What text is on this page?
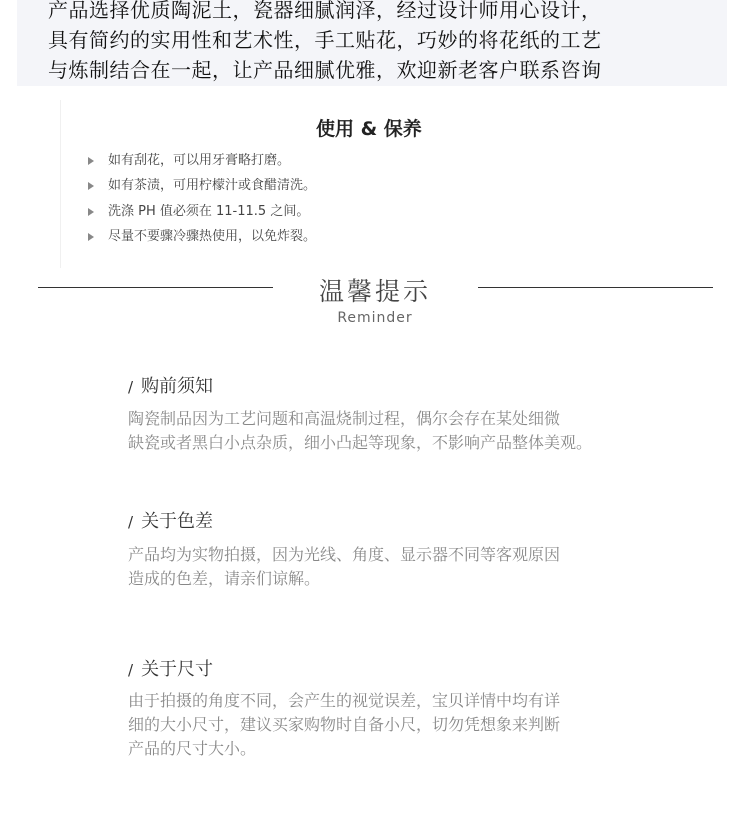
产品选择优质陶泥土，瓷器细腻润泽，经过设计师用心设计，
具有简约的实用性和艺术性，手工贴花，巧妙的将花纸的工艺
与炼制结合在一起，让产品细腻优雅，欢迎新老客户联系咨询
使用 & 保养
如有刮花，可以用牙膏略打磨。
如有茶渍，可用柠檬汁或食醋清洗。
洗涤 PH 值必须在 11-11.5 之间。
尽量不要骤冷骤热使用，以免炸裂。
温馨提示
Reminder
/ 购前须知
陶瓷制品因为工艺问题和高温烧制过程，偶尔会存在某处细微
缺瓷或者黑白小点杂质，细小凸起等现象，不影响产品整体美观。
/ 关于色差
产品均为实物拍摄，因为光线、角度、显示器不同等客观原因
造成的色差，请亲们谅解。
/ 关于尺寸
由于拍摄的角度不同，会产生的视觉误差，宝贝详情中均有详
细的大小尺寸，建议买家购物时自备小尺，切勿凭想象来判断
产品的尺寸大小。
